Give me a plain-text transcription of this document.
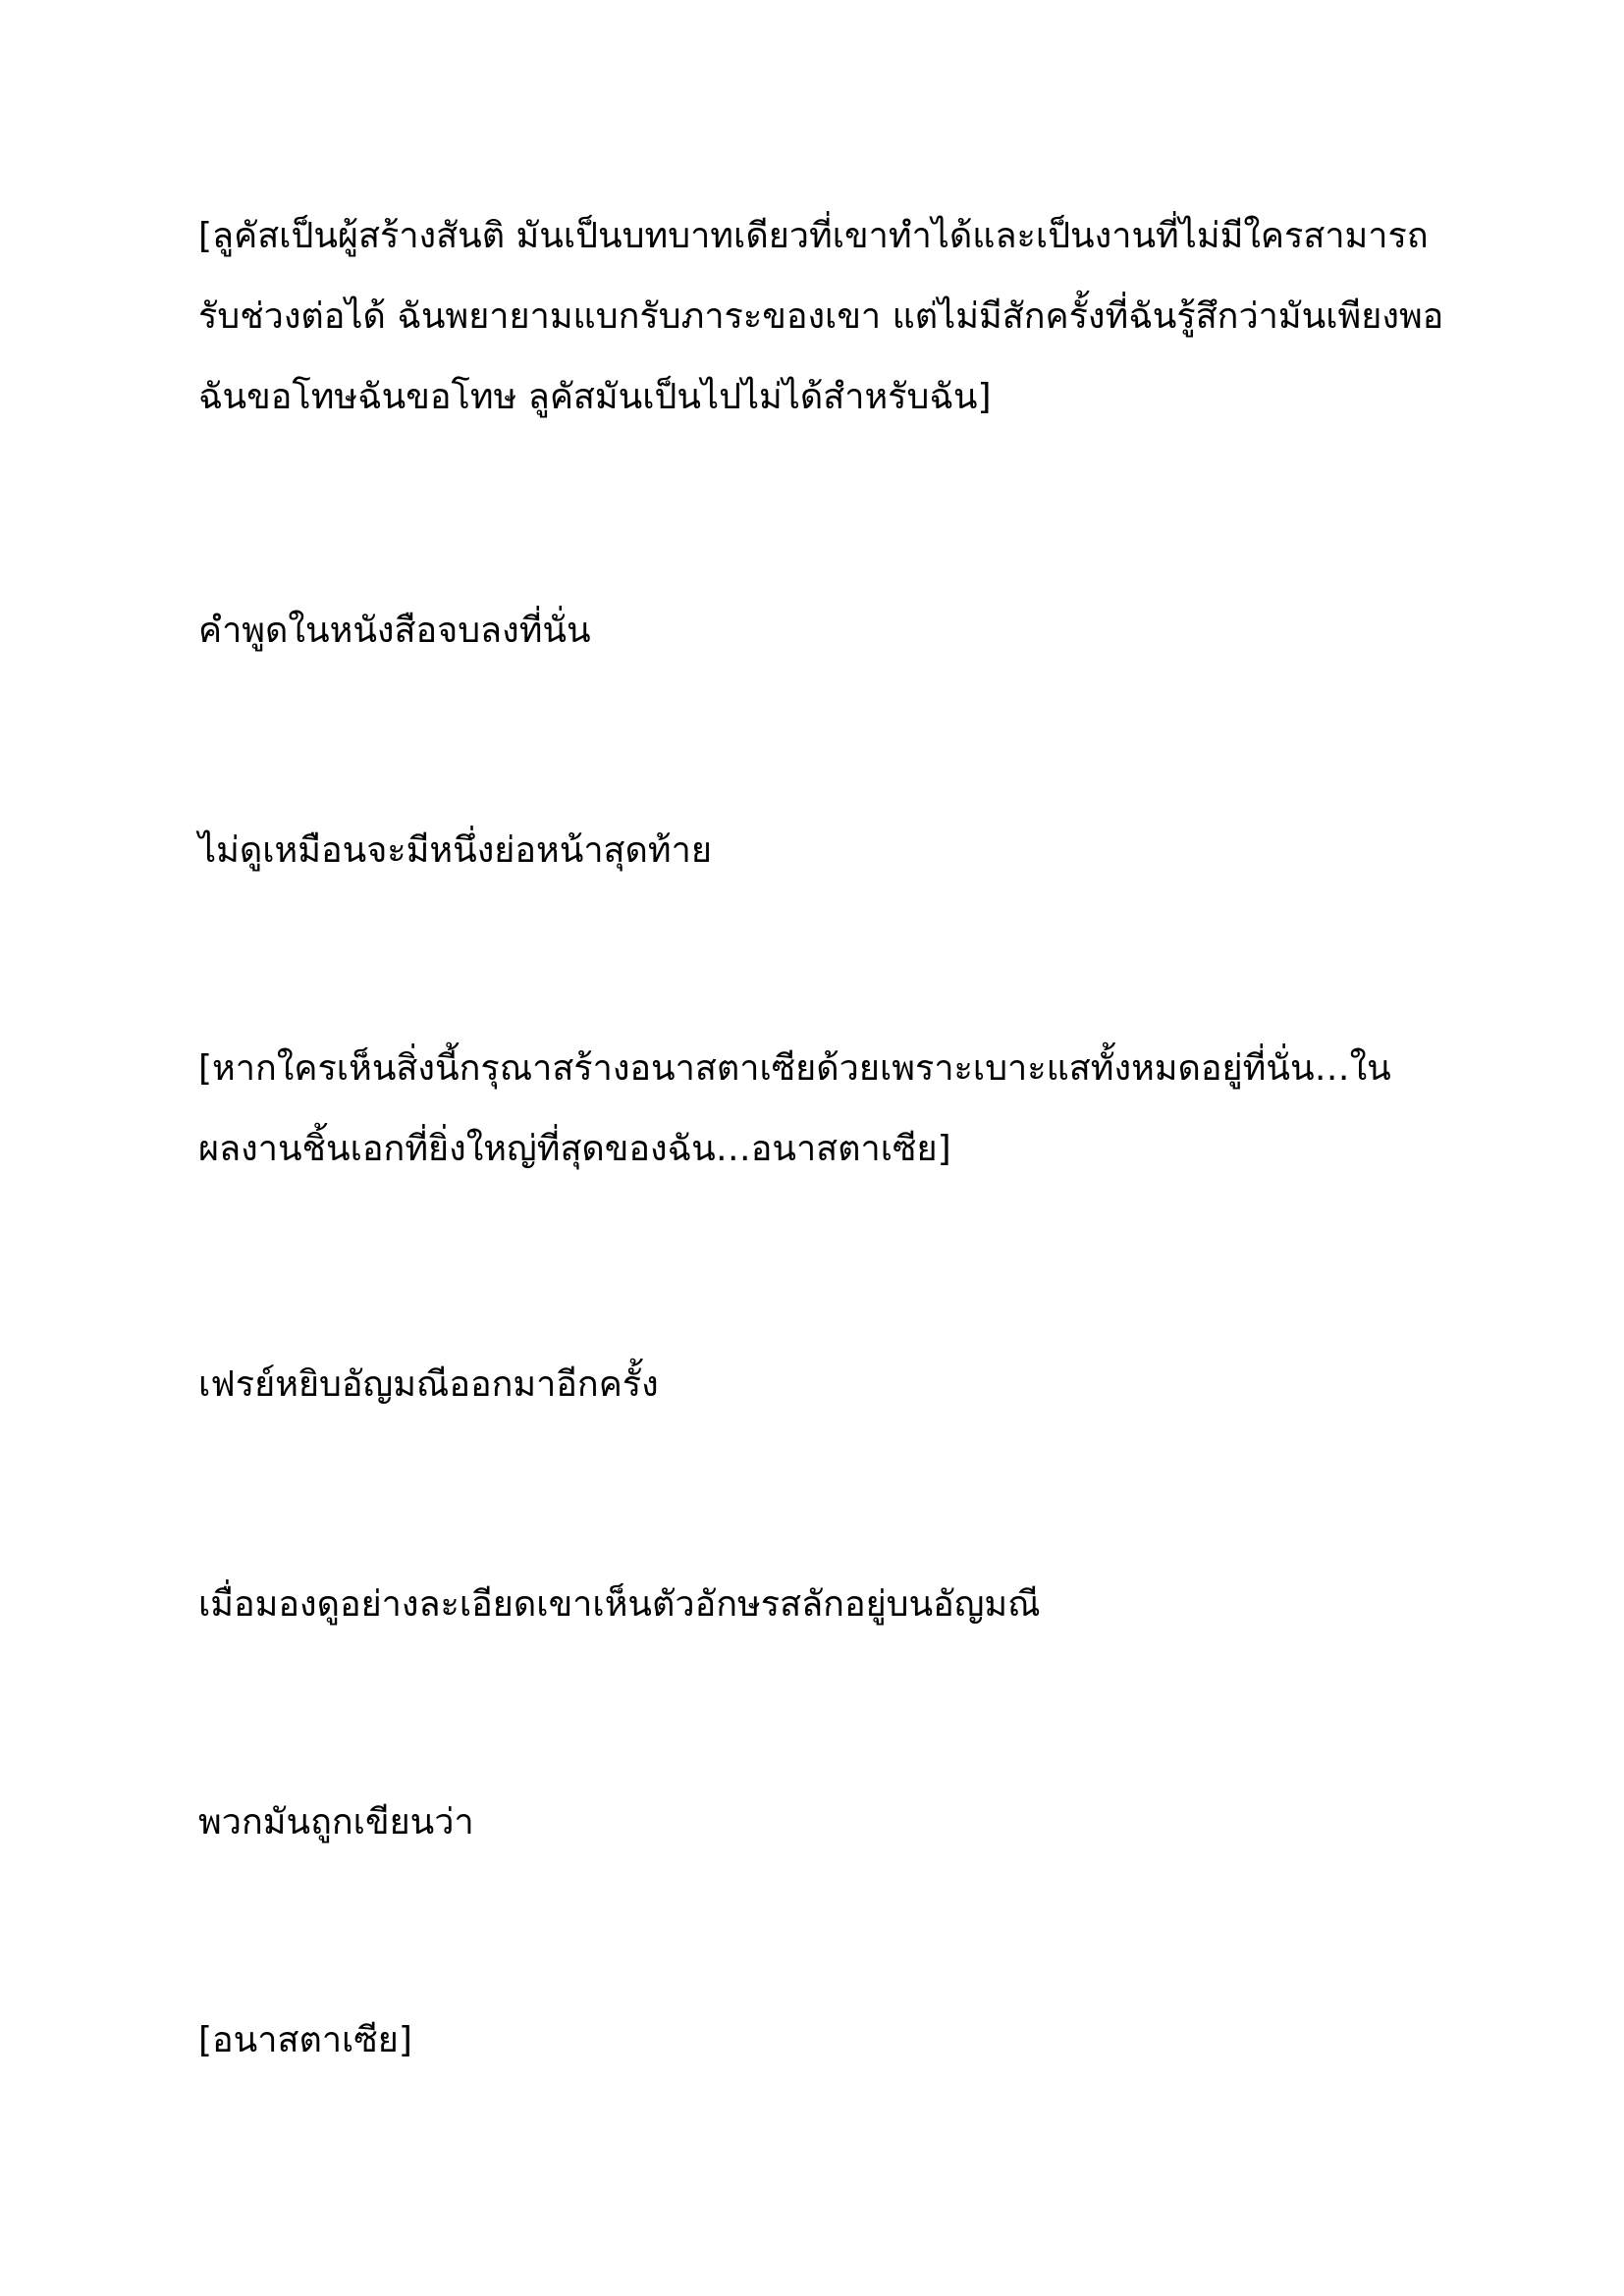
[ลูคัสเป็นผู้สร้างสันติ มันเป็นบทบาทเดียวที่เขาทำได้และเป็นงานที่ไม่มีใครสามารถ
รับช่วงต่อได้ ฉันพยายามแบกรับภาระของเขา แต่ไม่มีสักครั้งที่ฉันรู้สึกว่ามันเพียงพอ
ฉันขอโทษฉันขอโทษ ลูคัสมันเป็นไปไม่ได้สำหรับฉัน]

คำพูดในหนังสือจบลงที่นั่น

ไม่ดูเหมือนจะมีหนึ่งย่อหน้าสุดท้าย

[หากใครเห็นสิ่งนี้กรุณาสร้างอนาสตาเซียด้วยเพราะเบาะแสทั้งหมดอยู่ที่นั่น…ใน
ผลงานชิ้นเอกที่ยิ่งใหญ่ที่สุดของฉัน…อนาสตาเซีย]

เฟรย์หยิบอัญมณีออกมาอีกครั้ง

เมื่อมองดูอย่างละเอียดเขาเห็นตัวอักษรสลักอยู่บนอัญมณี

พวกมันถูกเขียนว่า

[อนาสตาเซีย]
